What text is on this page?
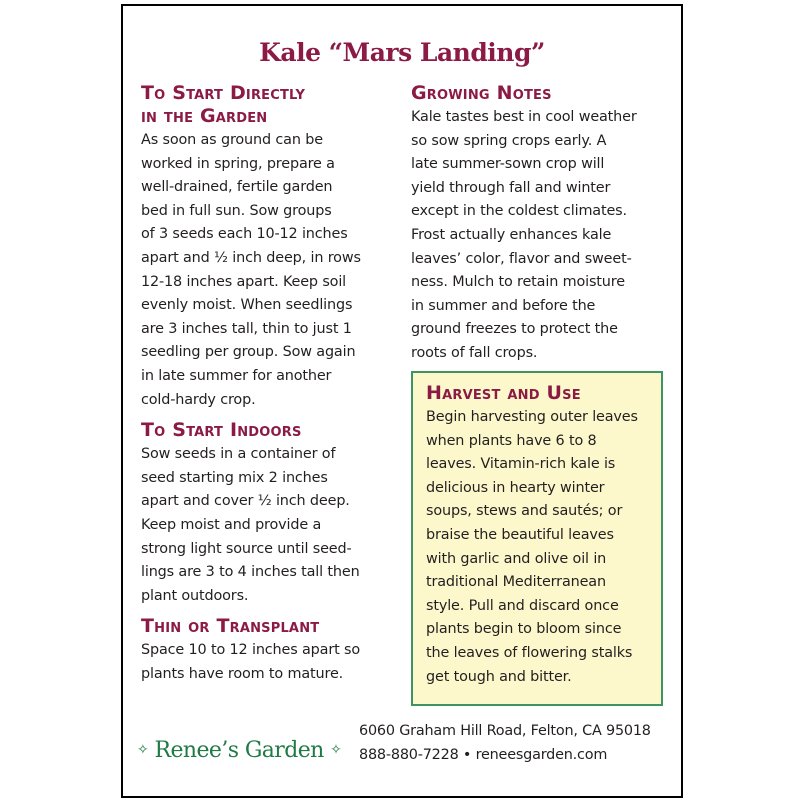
Kale “Mars Landing”
To Start Directly
in the Garden
As soon as ground can be
worked in spring, prepare a
well-drained, fertile garden
bed in full sun. Sow groups
of 3 seeds each 10-12 inches
apart and ½ inch deep, in rows
12-18 inches apart. Keep soil
evenly moist. When seedlings
are 3 inches tall, thin to just 1
seedling per group. Sow again
in late summer for another
cold-hardy crop.
To Start Indoors
Sow seeds in a container of
seed starting mix 2 inches
apart and cover ½ inch deep.
Keep moist and provide a
strong light source until seed-
lings are 3 to 4 inches tall then
plant outdoors.
Thin or Transplant
Space 10 to 12 inches apart so
plants have room to mature.
Growing Notes
Kale tastes best in cool weather
so sow spring crops early. A
late summer-sown crop will
yield through fall and winter
except in the coldest climates.
Frost actually enhances kale
leaves’ color, flavor and sweet-
ness. Mulch to retain moisture
in summer and before the
ground freezes to protect the
roots of fall crops.
Harvest and Use
Begin harvesting outer leaves
when plants have 6 to 8
leaves. Vitamin-rich kale is
delicious in hearty winter
soups, stews and sautés; or
braise the beautiful leaves
with garlic and olive oil in
traditional Mediterranean
style. Pull and discard once
plants begin to bloom since
the leaves of flowering stalks
get tough and bitter.
✧ Renee’s Garden ✧
6060 Graham Hill Road, Felton, CA 95018
888-880-7228 • reneesgarden.com
